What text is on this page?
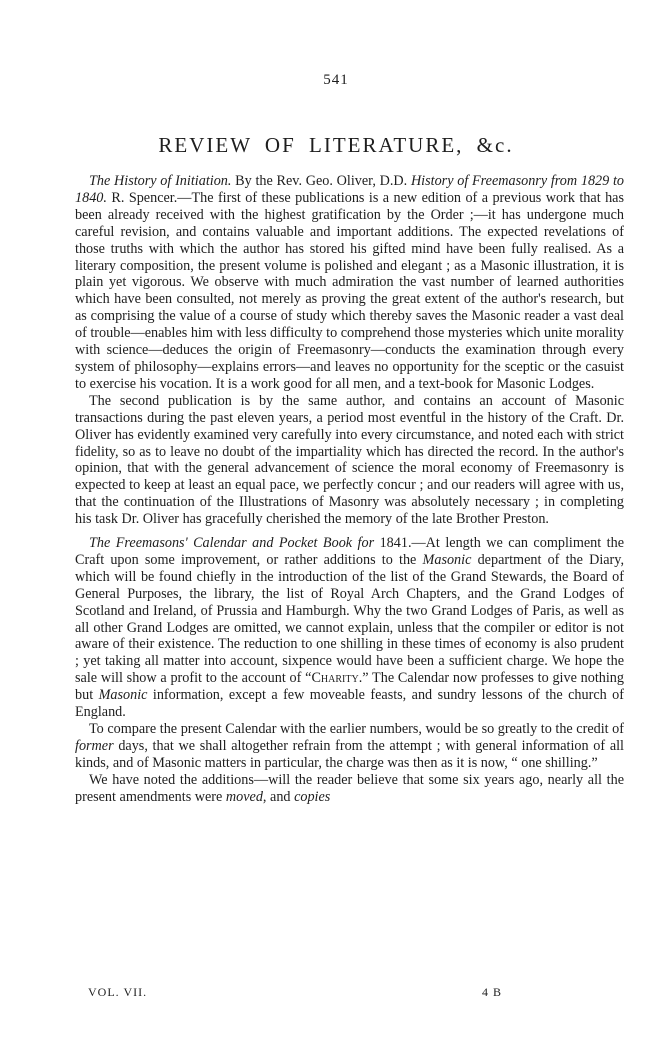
541
REVIEW OF LITERATURE, &c.

The History of Initiation. By the Rev. Geo. Oliver, D.D. History of Freemasonry from 1829 to 1840. R. Spencer.—The first of these publications is a new edition of a previous work that has been already received with the highest gratification by the Order ;—it has undergone much careful revision, and contains valuable and important additions. The expected revelations of those truths with which the author has stored his gifted mind have been fully realised. As a literary composition, the present volume is polished and elegant ; as a Masonic illustration, it is plain yet vigorous. We observe with much admiration the vast number of learned authorities which have been consulted, not merely as proving the great extent of the author's research, but as comprising the value of a course of study which thereby saves the Masonic reader a vast deal of trouble—enables him with less difficulty to comprehend those mysteries which unite morality with science—deduces the origin of Freemasonry—conducts the examination through every system of philosophy—explains errors—and leaves no opportunity for the sceptic or the casuist to exercise his vocation. It is a work good for all men, and a text-book for Masonic Lodges.

The second publication is by the same author, and contains an account of Masonic transactions during the past eleven years, a period most eventful in the history of the Craft. Dr. Oliver has evidently examined very carefully into every circumstance, and noted each with strict fidelity, so as to leave no doubt of the impartiality which has directed the record. In the author's opinion, that with the general advancement of science the moral economy of Freemasonry is expected to keep at least an equal pace, we perfectly concur ; and our readers will agree with us, that the continuation of the Illustrations of Masonry was absolutely necessary ; in completing his task Dr. Oliver has gracefully cherished the memory of the late Brother Preston.

The Freemasons' Calendar and Pocket Book for 1841.—At length we can compliment the Craft upon some improvement, or rather additions to the Masonic department of the Diary, which will be found chiefly in the introduction of the list of the Grand Stewards, the Board of General Purposes, the library, the list of Royal Arch Chapters, and the Grand Lodges of Scotland and Ireland, of Prussia and Hamburgh. Why the two Grand Lodges of Paris, as well as all other Grand Lodges are omitted, we cannot explain, unless that the compiler or editor is not aware of their existence. The reduction to one shilling in these times of economy is also prudent ; yet taking all matter into account, sixpence would have been a sufficient charge. We hope the sale will show a profit to the account of “Charity.” The Calendar now professes to give nothing but Masonic information, except a few moveable feasts, and sundry lessons of the church of England.

To compare the present Calendar with the earlier numbers, would be so greatly to the credit of former days, that we shall altogether refrain from the attempt ; with general information of all kinds, and of Masonic matters in particular, the charge was then as it is now, “ one shilling.”

We have noted the additions—will the reader believe that some six years ago, nearly all the present amendments were moved, and copies

VOL. VII.	4 B
